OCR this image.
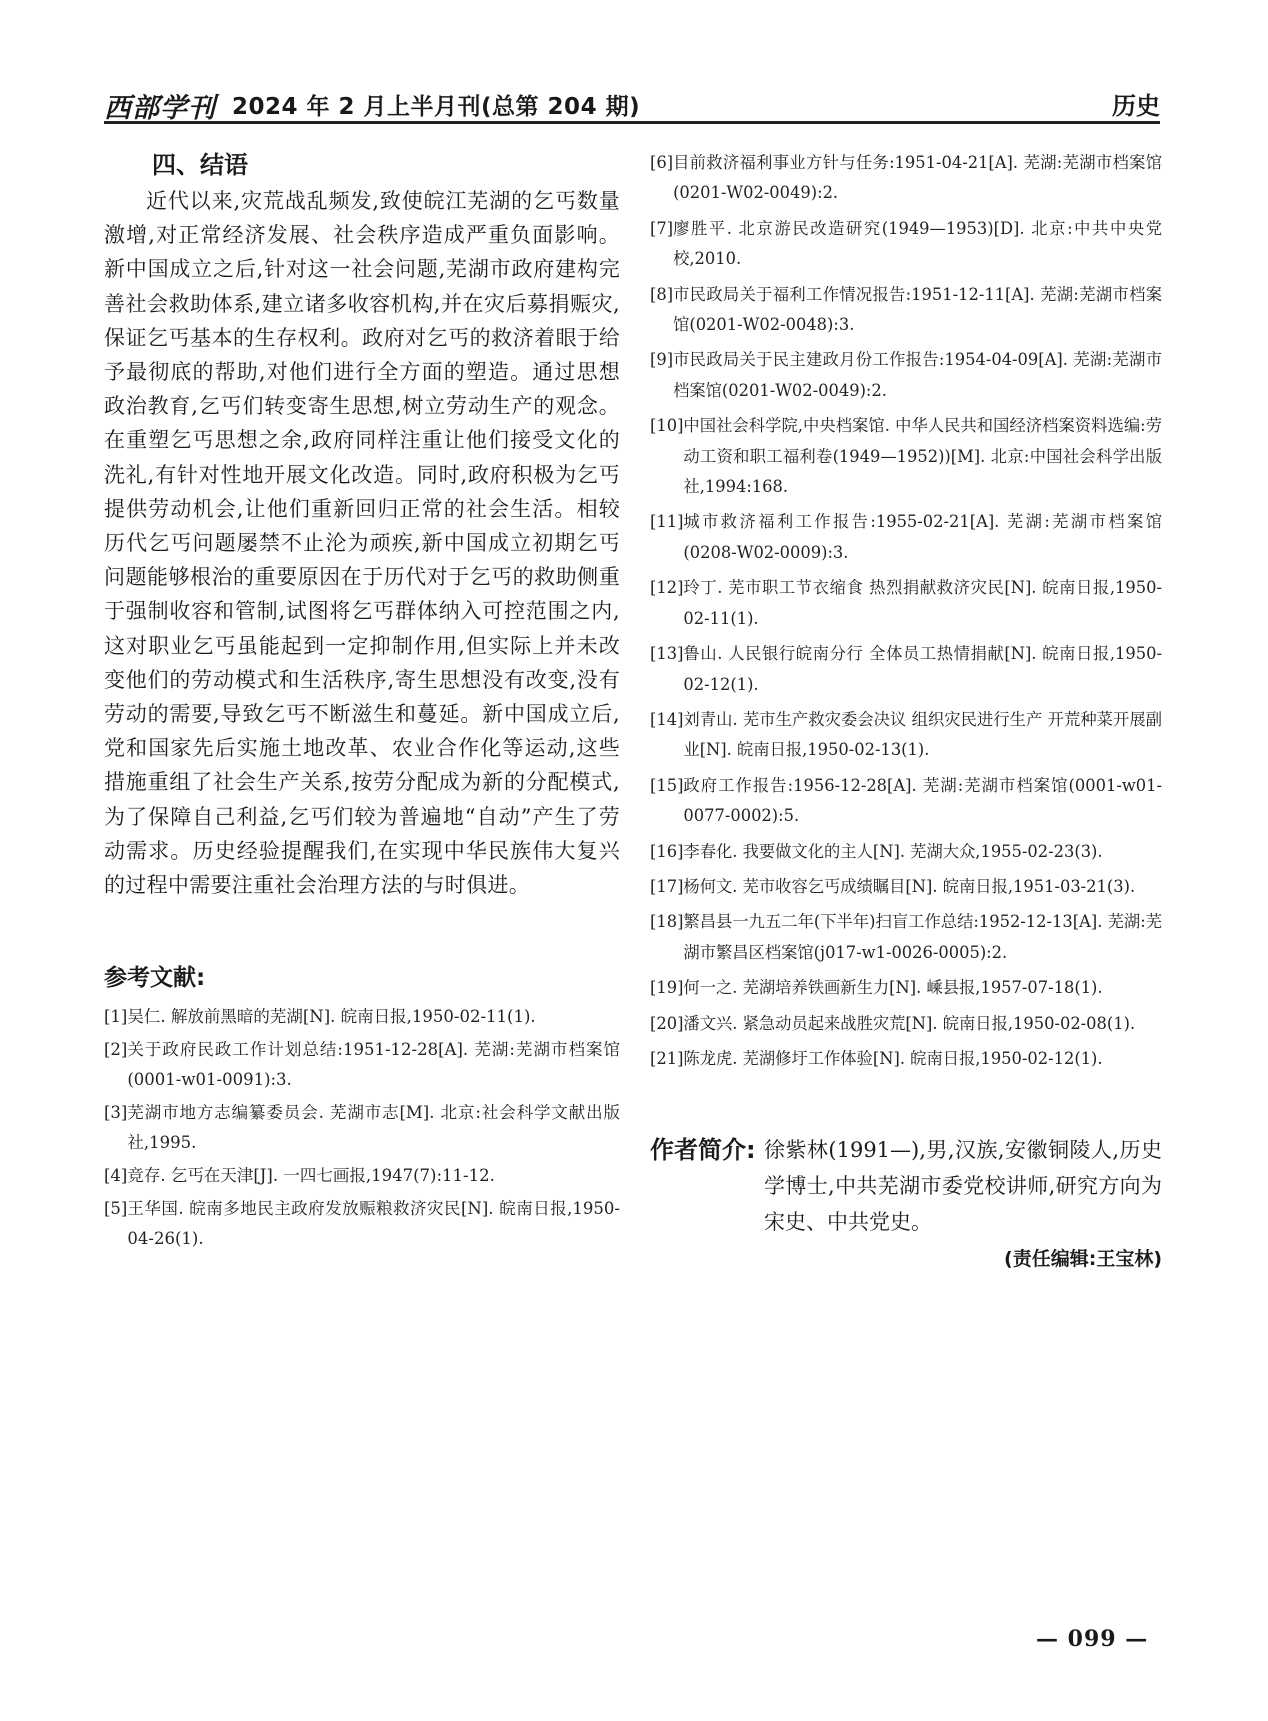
西部学刊 2024 年 2 月上半月刊(总第 204 期)	历史
四、结语

近代以来,灾荒战乱频发,致使皖江芜湖的乞丐数量激增,对正常经济发展、社会秩序造成严重负面影响。新中国成立之后,针对这一社会问题,芜湖市政府建构完善社会救助体系,建立诸多收容机构,并在灾后募捐赈灾,保证乞丐基本的生存权利。政府对乞丐的救济着眼于给予最彻底的帮助,对他们进行全方面的塑造。通过思想政治教育,乞丐们转变寄生思想,树立劳动生产的观念。在重塑乞丐思想之余,政府同样注重让他们接受文化的洗礼,有针对性地开展文化改造。同时,政府积极为乞丐提供劳动机会,让他们重新回归正常的社会生活。相较历代乞丐问题屡禁不止沦为顽疾,新中国成立初期乞丐问题能够根治的重要原因在于历代对于乞丐的救助侧重于强制收容和管制,试图将乞丐群体纳入可控范围之内,这对职业乞丐虽能起到一定抑制作用,但实际上并未改变他们的劳动模式和生活秩序,寄生思想没有改变,没有劳动的需要,导致乞丐不断滋生和蔓延。新中国成立后,党和国家先后实施土地改革、农业合作化等运动,这些措施重组了社会生产关系,按劳分配成为新的分配模式,为了保障自己利益,乞丐们较为普遍地“自动”产生了劳动需求。历史经验提醒我们,在实现中华民族伟大复兴的过程中需要注重社会治理方法的与时俱进。

参考文献:
[1] 吴仁. 解放前黑暗的芜湖[N]. 皖南日报,1950-02-11(1).
[2] 关于政府民政工作计划总结:1951-12-28[A]. 芜湖:芜湖市档案馆(0001-w01-0091):3.
[3] 芜湖市地方志编纂委员会. 芜湖市志[M]. 北京:社会科学文献出版社,1995.
[4] 竞存. 乞丐在天津[J]. 一四七画报,1947(7):11-12.
[5] 王华国. 皖南多地民主政府发放赈粮救济灾民[N]. 皖南日报,1950-04-26(1).
[6] 目前救济福利事业方针与任务:1951-04-21[A]. 芜湖:芜湖市档案馆(0201-W02-0049):2.
[7] 廖胜平. 北京游民改造研究(1949—1953)[D]. 北京:中共中央党校,2010.
[8] 市民政局关于福利工作情况报告:1951-12-11[A]. 芜湖:芜湖市档案馆(0201-W02-0048):3.
[9] 市民政局关于民主建政月份工作报告:1954-04-09[A]. 芜湖:芜湖市档案馆(0201-W02-0049):2.
[10] 中国社会科学院,中央档案馆. 中华人民共和国经济档案资料选编:劳动工资和职工福利卷(1949—1952))[M]. 北京:中国社会科学出版社,1994:168.
[11] 城市救济福利工作报告:1955-02-21[A]. 芜湖:芜湖市档案馆(0208-W02-0009):3.
[12] 玲丁. 芜市职工节衣缩食 热烈捐献救济灾民[N]. 皖南日报,1950-02-11(1).
[13] 鲁山. 人民银行皖南分行 全体员工热情捐献[N]. 皖南日报,1950-02-12(1).
[14] 刘青山. 芜市生产救灾委会决议 组织灾民进行生产 开荒种菜开展副业[N]. 皖南日报,1950-02-13(1).
[15] 政府工作报告:1956-12-28[A]. 芜湖:芜湖市档案馆(0001-w01-0077-0002):5.
[16] 李春化. 我要做文化的主人[N]. 芜湖大众,1955-02-23(3).
[17] 杨何文. 芜市收容乞丐成绩瞩目[N]. 皖南日报,1951-03-21(3).
[18] 繁昌县一九五二年(下半年)扫盲工作总结:1952-12-13[A]. 芜湖:芜湖市繁昌区档案馆(j017-w1-0026-0005):2.
[19] 何一之. 芜湖培养铁画新生力[N]. 嵊县报,1957-07-18(1).
[20] 潘文兴. 紧急动员起来战胜灾荒[N]. 皖南日报,1950-02-08(1).
[21] 陈龙虎. 芜湖修圩工作体验[N]. 皖南日报,1950-02-12(1).
作者简介: 徐紫林(1991—),男,汉族,安徽铜陵人,历史学博士,中共芜湖市委党校讲师,研究方向为宋史、中共党史。
(责任编辑:王宝林)
— 099 —
